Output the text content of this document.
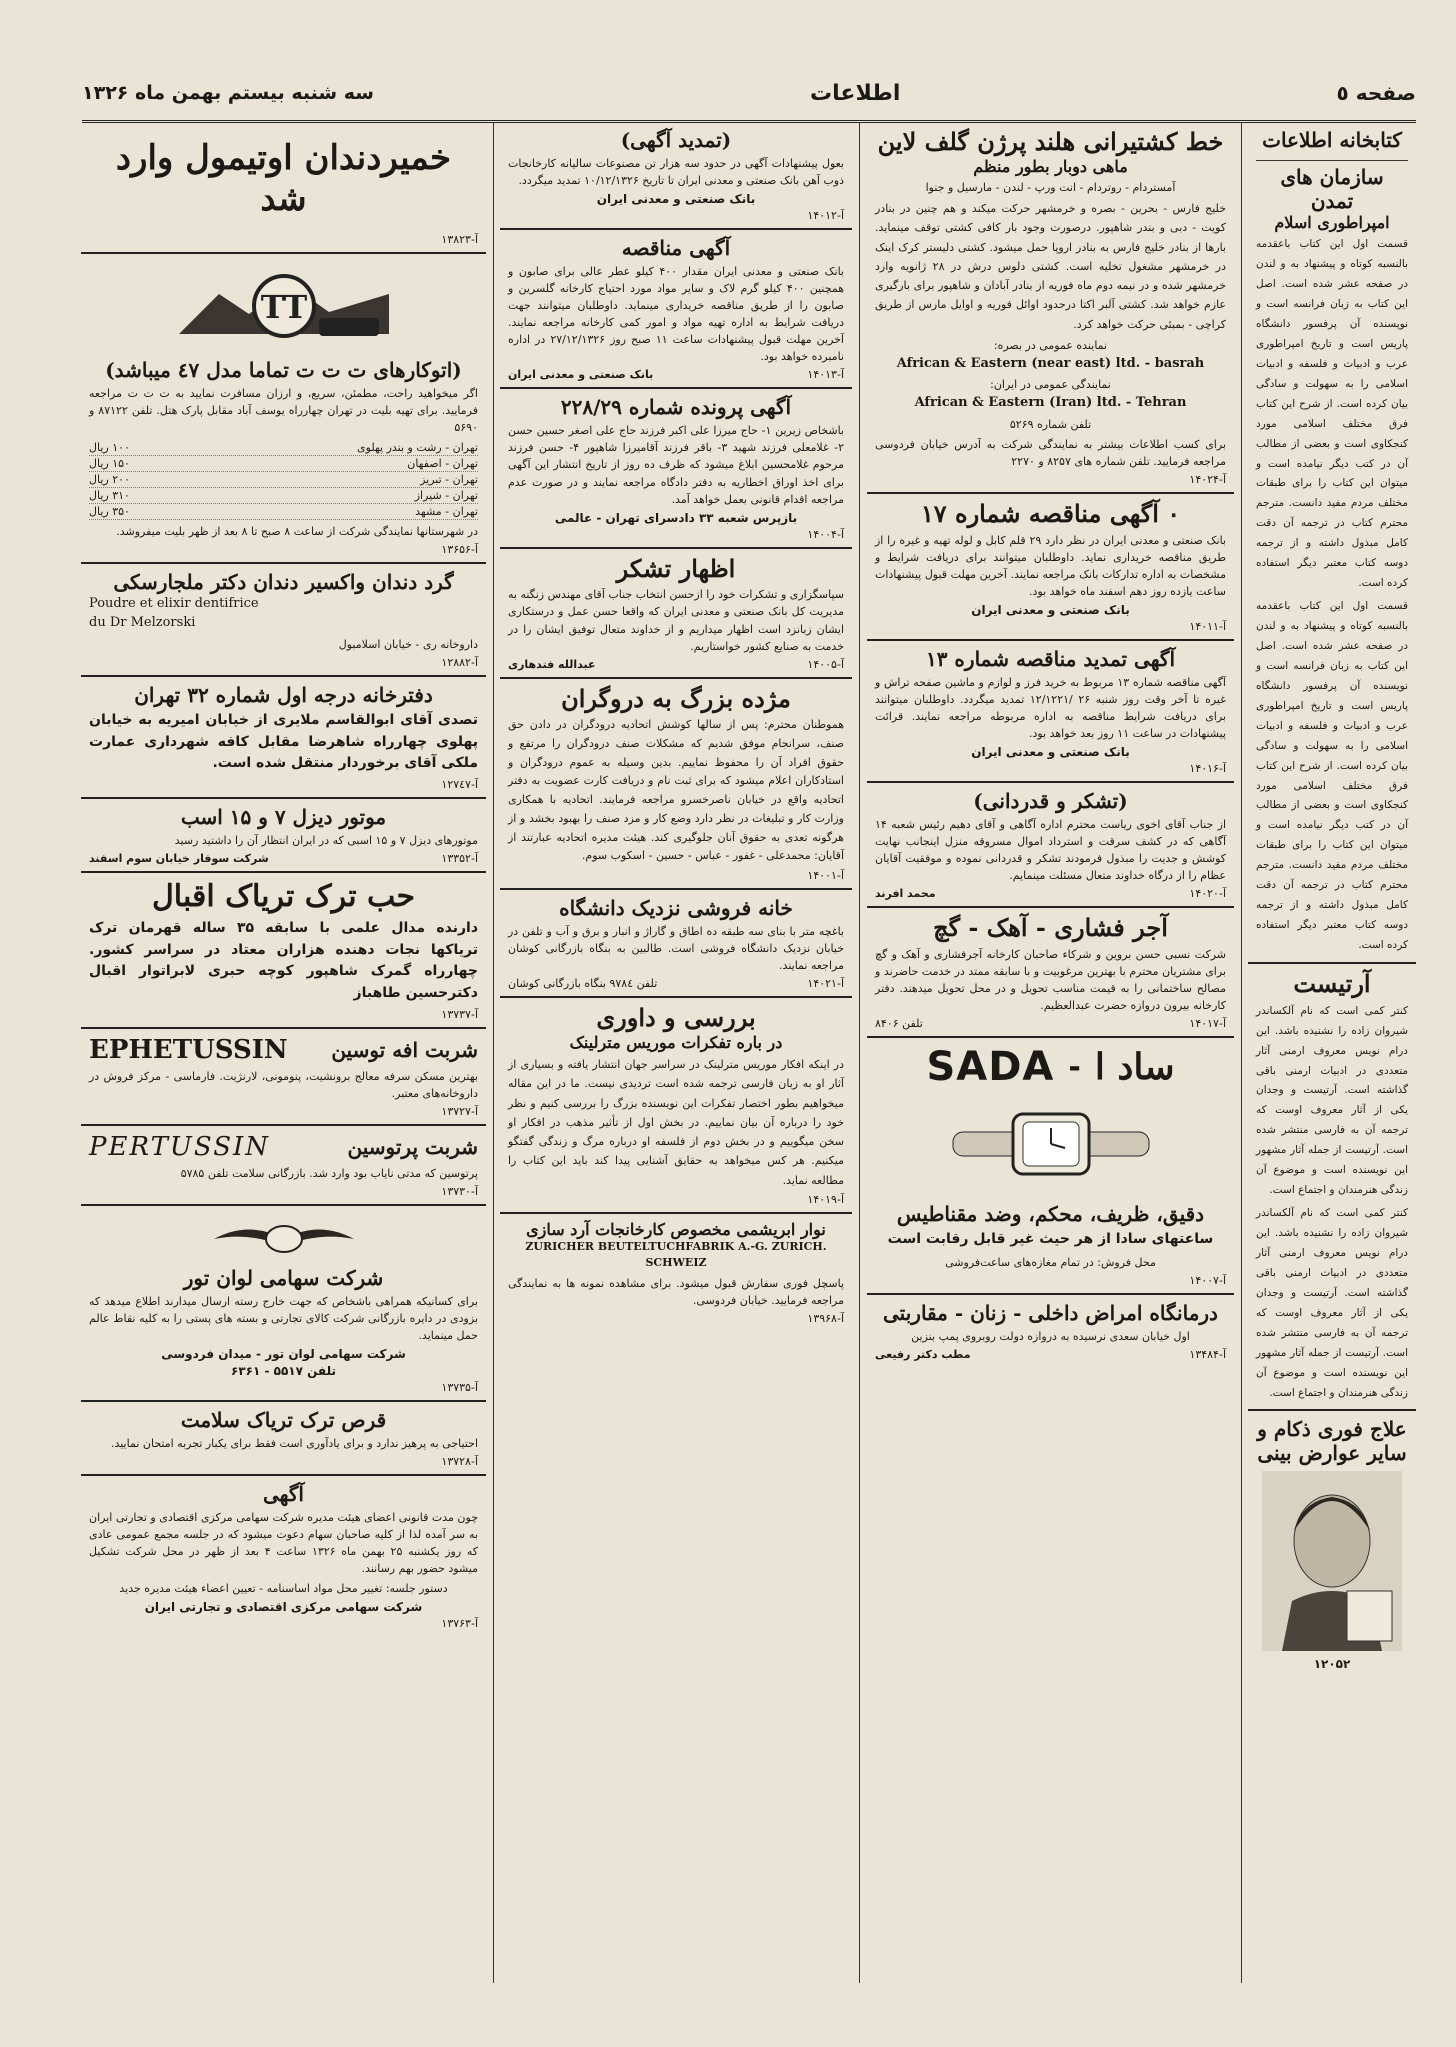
صفحه ٥
اطلاعات
سه شنبه بیستم بهمن ماه ۱۳۲۶
کتابخانه اطلاعات
سازمان های تمدن
امپراطوری اسلام
قسمت اول این کتاب باعقدمه بالنسبه کوتاه و پیشنهاد به و لندن در صفحه عشر شده است. اصل این کتاب به زبان فرانسه است و نویسنده آن پرفسور دانشگاه پاریس است و تاریخ امپراطوری عرب و ادبیات و فلسفه و ادبیات اسلامی را به سهولت و سادگی بیان کرده است. از شرح این کتاب فرق مختلف اسلامی مورد کنجکاوی است و بعضی از مطالب آن در کتب دیگر نیامده است و میتوان این کتاب را برای طبقات مختلف مردم مفید دانست. مترجم محترم کتاب در ترجمه آن دقت کامل مبذول داشته و از ترجمه دوسه کتاب معتبر دیگر استفاده کرده است.
قسمت اول این کتاب باعقدمه بالنسبه کوتاه و پیشنهاد به و لندن در صفحه عشر شده است. اصل این کتاب به زبان فرانسه است و نویسنده آن پرفسور دانشگاه پاریس است و تاریخ امپراطوری عرب و ادبیات و فلسفه و ادبیات اسلامی را به سهولت و سادگی بیان کرده است. از شرح این کتاب فرق مختلف اسلامی مورد کنجکاوی است و بعضی از مطالب آن در کتب دیگر نیامده است و میتوان این کتاب را برای طبقات مختلف مردم مفید دانست. مترجم محترم کتاب در ترجمه آن دقت کامل مبذول داشته و از ترجمه دوسه کتاب معتبر دیگر استفاده کرده است.
آرتیست
کنتر کمی است که نام آلکساندر شیروان زاده را نشنیده باشد. این درام نویس معروف ارمنی آثار متعددی در ادبیات ارمنی باقی گذاشته است. آرتیست و وجدان یکی از آثار معروف اوست که ترجمه آن به فارسی منتشر شده است. آرتیست از جمله آثار مشهور این نویسنده است و موضوع آن زندگی هنرمندان و اجتماع است.
کنتر کمی است که نام آلکساندر شیروان زاده را نشنیده باشد. این درام نویس معروف ارمنی آثار متعددی در ادبیات ارمنی باقی گذاشته است. آرتیست و وجدان یکی از آثار معروف اوست که ترجمه آن به فارسی منتشر شده است. آرتیست از جمله آثار مشهور این نویسنده است و موضوع آن زندگی هنرمندان و اجتماع است.
علاج فوری ذکام و سایر عوارض بینی
۱۲۰۵۲
خط کشتیرانی هلند پرژن گلف لاین
ماهی دوبار بطور منظم
آمستردام - روتردام - انت ورپ - لندن - مارسیل و جنوا
خلیج فارس - بحرین - بصره و خرمشهر حرکت میکند و هم چنین در بنادر کویت - دبی و بندر شاهپور. درصورت وجود بار کافی کشتی توقف مینماید. بارها از بنادر خلیج فارس به بنادر اروپا حمل میشود. کشتی دلیستر کرک اینک در خرمشهر مشغول تخلیه است. کشتی دلوس درش در ۲۸ ژانویه وارد خرمشهر شده و در نیمه دوم ماه فوریه از بنادر آبادان و شاهپور برای بارگیری عازم خواهد شد. کشتی آلبر اکتا درحدود اوائل فوریه و اوایل مارس از طریق کراچی - بمبئی حرکت خواهد کرد.
نماینده عمومی در بصره:
African & Eastern (near east) ltd. - basrah
نمایندگی عمومی در ایران:
African & Eastern (Iran) ltd. - Tehran
تلفن شماره ۵۲۶۹
برای کسب اطلاعات بیشتر به نمایندگی شرکت به آدرس خیابان فردوسی مراجعه فرمایید. تلفن شماره های ۸۲۵۷ و ۲۲۷۰
آ-۱۴۰۲۴
۰ آگهی مناقصه شماره ۱۷
بانک صنعتی و معدنی ایران در نظر دارد ۲۹ قلم کابل و لوله تهیه و غیره را از طریق مناقصه خریداری نماید. داوطلبان میتوانند برای دریافت شرایط و مشخصات به اداره تدارکات بانک مراجعه نمایند. آخرین مهلت قبول پیشنهادات ساعت یازده روز دهم اسفند ماه خواهد بود.
بانک صنعتی و معدنی ایران
آ-۱۴۰۱۱
آگهی تمدید مناقصه شماره ۱۳
آگهی مناقصه شماره ۱۳ مربوط به خرید فرز و لوازم و ماشین صفحه تراش و غیره تا آخر وقت روز شنبه ۲۶ /۱۲/۱۲۲۱ تمدید میگردد. داوطلبان میتوانند برای دریافت شرایط مناقصه به اداره مربوطه مراجعه نمایند. قرائت پیشنهادات در ساعت ۱۱ روز بعد خواهد بود.
بانک صنعتی و معدنی ایران
آ-۱۴۰۱۶
(تشکر و قدردانی)
از جناب آقای اخوی ریاست محترم اداره آگاهی و آقای دهیم رئیس شعبه ۱۴ آگاهی که در کشف سرقت و استرداد اموال مسروقه منزل اینجانب نهایت کوشش و جدیت را مبذول فرمودند تشکر و قدردانی نموده و موفقیت آقایان عظام را از درگاه خداوند متعال مسئلت مینمایم.
آ-۱۴۰۲۰
محمد افرند
آجر فشاری - آهک - گچ
شرکت نسبی حسن بروین و شرکاء صاحبان کارخانه آجرفشاری و آهک و گچ برای مشتریان محترم با بهترین مرغوبیت و با سابقه ممتد در خدمت حاضرند و مصالح ساختمانی را به قیمت مناسب تحویل و در محل تحویل میدهند. دفتر کارخانه بیرون دروازه حضرت عبدالعظیم.
آ-۱۴۰۱۷
تلفن ۸۴۰۶
SADA - ساد ا
دقیق، ظریف، محکم، وضد مقناطیس
ساعتهای سادا از هر حیث غیر قابل رقابت است
محل فروش: در تمام مغازه‌های ساعت‌فروشی
آ-۱۴۰۰۷
درمانگاه امراض داخلی - زنان - مقاربتی
اول خیابان سعدی نرسیده به دروازه دولت روبروی پمپ بنزین
آ-۱۳۴۸۴
مطب دکتر رفیعی
(تمدید آگهی)
بعول پیشنهادات آگهی در حدود سه هزار تن مصنوعات سالیانه کارخانجات ذوب آهن بانک صنعتی و معدنی ایران تا تاریخ ۱۰/۱۲/۱۳۲۶ تمدید میگردد.
بانک صنعتی و معدنی ایران
آ-۱۴۰۱۲
آگهی مناقصه
بانک صنعتی و معدنی ایران مقدار ۴۰۰ کیلو عطر عالی برای صابون و همچنین ۴۰۰ کیلو گرم لاک و سایر مواد مورد احتیاج کارخانه گلسرین و صابون را از طریق مناقصه خریداری مینماید. داوطلبان میتوانند جهت دریافت شرایط به اداره تهیه مواد و امور کمی کارخانه مراجعه نمایند. آخرین مهلت قبول پیشنهادات ساعت ۱۱ صبح روز ۲۷/۱۲/۱۳۲۶ در اداره نامبرده خواهد بود.
آ-۱۴۰۱۳
بانک صنعتی و معدنی ایران
آگهی پرونده شماره ۲۲۸/۲۹
باشخاص زیرین ۱- حاج میرزا علی اکبر فرزند حاج علی اصغر حسین حسن ۲- غلامعلی فرزند شهید ۳- باقر فرزند آقامیرزا شاهپور ۴- حسن فرزند مرحوم غلامحسین ابلاغ میشود که ظرف ده روز از تاریخ انتشار این آگهی برای اخذ اوراق اخطاریه به دفتر دادگاه مراجعه نمایند و در صورت عدم مراجعه اقدام قانونی بعمل خواهد آمد.
بازپرس شعبه ۳۳ دادسرای تهران - عالمی
آ-۱۴۰۰۴
اظهار تشکر
سپاسگزاری و تشکرات خود را ازحسن انتخاب جناب آقای مهندس زنگنه به مدیریت کل بانک صنعتی و معدنی ایران که واقعا حسن عمل و درستکاری ایشان زبانزد است اظهار میداریم و از خداوند متعال توفیق ایشان را در خدمت به صنایع کشور خواستاریم.
آ-۱۴۰۰۵
عبدالله فتدهاری
مژده بزرگ به دروگران
هموطنان محترم: پس از سالها کوشش اتحادیه درودگران در دادن حق صنف، سرانجام موفق شدیم که مشکلات صنف درودگران را مرتفع و حقوق افراد آن را محفوظ نماییم. بدین وسیله به عموم درودگران و استادکاران اعلام میشود که برای ثبت نام و دریافت کارت عضویت به دفتر اتحادیه واقع در خیابان ناصرخسرو مراجعه فرمایند. اتحادیه با همکاری وزارت کار و تبلیغات در نظر دارد وضع کار و مزد صنف را بهبود بخشد و از هرگونه تعدی به حقوق آنان جلوگیری کند. هیئت مدیره اتحادیه عبارتند از آقایان: محمدعلی - غفور - عباس - حسین - اسکوب سوم.
آ-۱۴۰۰۱
خانه فروشی نزدیک دانشگاه
باغچه متر با بنای سه طبقه ده اطاق و گاراژ و انبار و برق و آب و تلفن در خیابان نزدیک دانشگاه فروشی است. طالبین به بنگاه بازرگانی کوشان مراجعه نمایند.
آ-۱۴۰۲۱
تلفن ۹۷۸٤ بنگاه بازرگانی کوشان
بررسی و داوری
در باره تفکرات موریس مترلینک
در اینکه افکار موریس مترلینک در سراسر جهان انتشار یافته و بسیاری از آثار او به زبان فارسی ترجمه شده است تردیدی نیست. ما در این مقاله میخواهیم بطور اختصار تفکرات این نویسنده بزرگ را بررسی کنیم و نظر خود را درباره آن بیان نماییم. در بخش اول از تأثیر مذهب در افکار او سخن میگوییم و در بخش دوم از فلسفه او درباره مرگ و زندگی گفتگو میکنیم. هر کس میخواهد به حقایق آشنایی پیدا کند باید این کتاب را مطالعه نماید.
آ-۱۴۰۱۹
نوار ابریشمی مخصوص کارخانجات آرد سازی
ZURICHER BEUTELTUCHFABRIK A.-G. ZURICH. SCHWEIZ
پاسچل فوری سفارش قبول میشود. برای مشاهده نمونه ها به نمایندگی مراجعه فرمایید. خیابان فردوسی.
آ-۱۳۹۶۸
خمیردندان اوتیمول وارد شد
آ-۱۳۸۲۳
TT
(اتوکارهای ت ت ت تماما مدل ٤۷ میباشد)
اگر میخواهید راحت، مطمئن، سریع، و ارزان مسافرت نمایید به ت ت ت مراجعه فرمایید. برای تهیه بلیت در تهران چهارراه یوسف آباد مقابل پارک هتل. تلفن ۸۷۱۲۲ و ۵۶۹۰
تهران - رشت و بندر پهلوی
۱۰۰ ریال
تهران - اصفهان
۱۵۰ ریال
تهران - تبریز
۲۰۰ ریال
تهران - شیراز
۳۱۰ ریال
تهران - مشهد
۳۵۰ ریال
در شهرستانها نمایندگی شرکت از ساعت ۸ صبح تا ۸ بعد از ظهر بلیت میفروشد.
آ-۱۳۶۵۶
گرد دندان واکسیر دندان دکتر ملجارسکی
Poudre et elixir dentifrice
du Dr Melzorski
داروخانه ری - خیابان اسلامبول
آ-۱۲۸۸۲
دفترخانه درجه اول شماره ۳۲ تهران
تصدی آقای ابوالقاسم ملایری از خیابان امیریه به خیابان پهلوی چهارراه شاهرضا مقابل کافه شهرداری عمارت ملکی آقای برخوردار منتقل شده است.
آ-۱۲۷٤۷
موتور دیزل ۷ و ۱۵ اسب
موتورهای دیزل ۷ و ۱۵ اسبی که در ایران انتظار آن را داشتید رسید
آ-۱۳۳۵۲
شرکت سوفار خیابان سوم اسفند
حب ترک تریاک اقبال
دارنده مدال علمی با سابقه ۳۵ ساله قهرمان ترک تریاکها نجات دهنده هزاران معتاد در سراسر کشور. چهارراه گمرک شاهپور کوچه حبری لابراتوار اقبال دکترحسین طاهباز
آ-۱۳۷۳۷
شربت افه توسین
EPHETUSSIN
بهترین مسکن سرفه معالج برونشیت، پنومونی، لارنژیت. فارماسی - مرکز فروش در داروخانه‌های معتبر.
آ-۱۳۷۲۷
شربت پرتوسین
PERTUSSIN
پرتوسین که مدتی نایاب بود وارد شد. بازرگانی سلامت تلفن ۵۷۸۵
آ-۱۳۷۳۰
شرکت سهامی لوان تور
برای کسانیکه همراهی باشخاص که جهت خارج رسته ارسال میدارند اطلاع میدهد که بزودی در دایره بازرگانی شرکت کالای تجارتی و بسته های پستی را به کلیه نقاط عالم حمل مینماید.
شرکت سهامی لوان تور - میدان فردوسی
تلفن ۵۵۱۷ - ۶۳۶۱
آ-۱۳۷۳۵
قرص ترک تریاک سلامت
احتیاجی به پرهیز ندارد و برای یادآوری است فقط برای یکبار تجربه امتحان نمایید.
آ-۱۳۷۲۸
آگهی
چون مدت قانونی اعضای هیئت مدیره شرکت سهامی مرکزی اقتصادی و تجارتی ایران به سر آمده لذا از کلیه صاحبان سهام دعوت میشود که در جلسه مجمع عمومی عادی که روز یکشنبه ۲۵ بهمن ماه ۱۳۲۶ ساعت ۴ بعد از ظهر در محل شرکت تشکیل میشود حضور بهم رسانند.
دستور جلسه: تغییر محل مواد اساسنامه - تعیین اعضاء هیئت مدیره جدید
شرکت سهامی مرکزی اقتصادی و تجارتی ایران
آ-۱۳۷۶۳
